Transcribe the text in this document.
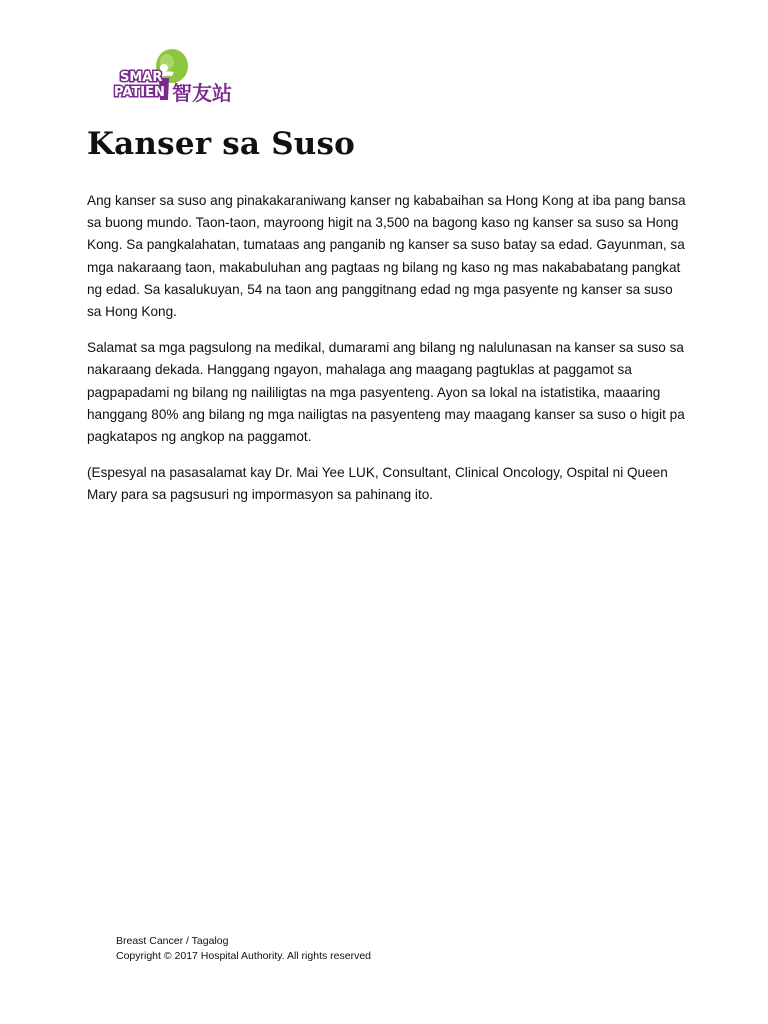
SMAR
PATIEN 智友站
Kanser sa Suso

Ang kanser sa suso ang pinakakaraniwang kanser ng kababaihan sa Hong Kong at iba pang bansa sa buong mundo. Taon-taon, mayroong higit na 3,500 na bagong kaso ng kanser sa suso sa Hong Kong. Sa pangkalahatan, tumataas ang panganib ng kanser sa suso batay sa edad. Gayunman, sa mga nakaraang taon, makabuluhan ang pagtaas ng bilang ng kaso ng mas nakababatang pangkat ng edad. Sa kasalukuyan, 54 na taon ang panggitnang edad ng mga pasyente ng kanser sa suso sa Hong Kong.

Salamat sa mga pagsulong na medikal, dumarami ang bilang ng nalulunasan na kanser sa suso sa nakaraang dekada. Hanggang ngayon, mahalaga ang maagang pagtuklas at paggamot sa pagpapadami ng bilang ng naililigtas na mga pasyenteng. Ayon sa lokal na istatistika, maaaring hanggang 80% ang bilang ng mga nailigtas na pasyenteng may maagang kanser sa suso o higit pa pagkatapos ng angkop na paggamot.

(Espesyal na pasasalamat kay Dr. Mai Yee LUK, Consultant, Clinical Oncology, Ospital ni Queen Mary para sa pagsusuri ng impormasyon sa pahinang ito.

Breast Cancer / Tagalog
Copyright © 2017 Hospital Authority. All rights reserved
